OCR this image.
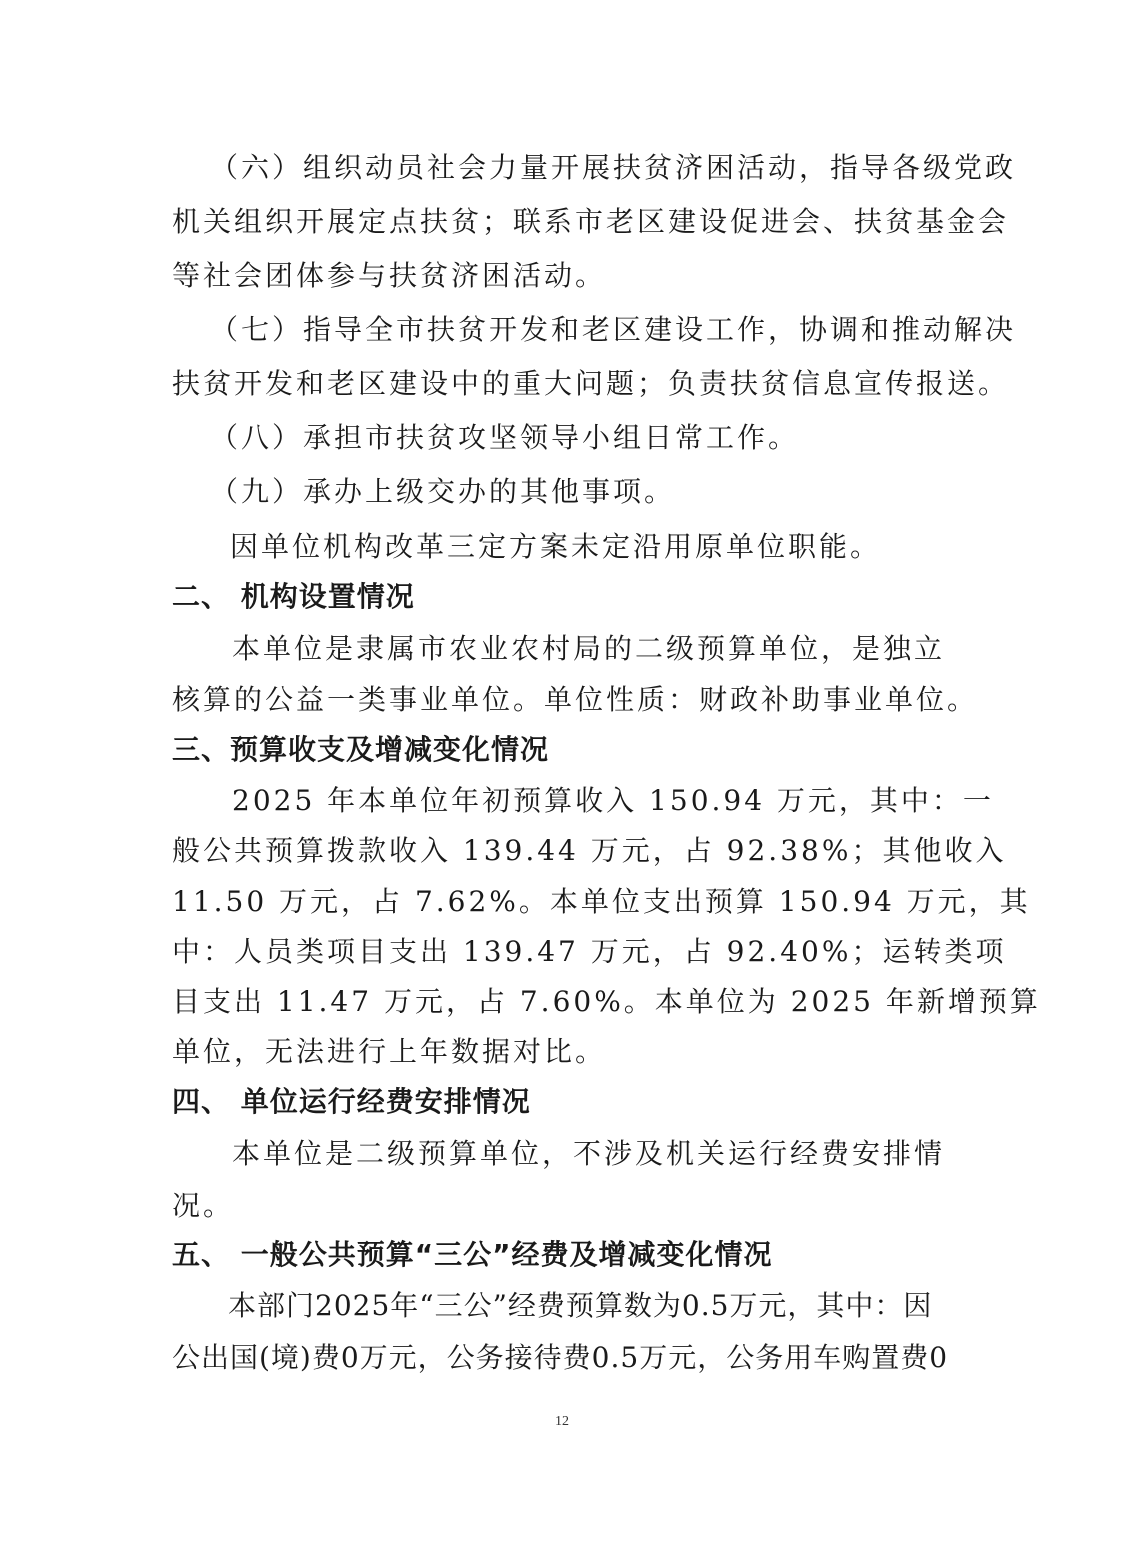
（六）组织动员社会力量开展扶贫济困活动，指导各级党政
机关组织开展定点扶贫；联系市老区建设促进会、扶贫基金会
等社会团体参与扶贫济困活动。
（七）指导全市扶贫开发和老区建设工作，协调和推动解决
扶贫开发和老区建设中的重大问题；负责扶贫信息宣传报送。
（八）承担市扶贫攻坚领导小组日常工作。
（九）承办上级交办的其他事项。
因单位机构改革三定方案未定沿用原单位职能。
二、 机构设置情况
本单位是隶属市农业农村局的二级预算单位，是独立
核算的公益一类事业单位。单位性质：财政补助事业单位。
三、预算收支及增减变化情况
2025 年本单位年初预算收入 150.94 万元，其中：一
般公共预算拨款收入 139.44 万元，占 92.38%；其他收入
11.50 万元，占 7.62%。本单位支出预算 150.94 万元，其
中：人员类项目支出 139.47 万元，占 92.40%；运转类项
目支出 11.47 万元，占 7.60%。本单位为 2025 年新增预算
单位，无法进行上年数据对比。
四、 单位运行经费安排情况
本单位是二级预算单位，不涉及机关运行经费安排情
况。
五、 一般公共预算“三公”经费及增减变化情况
本部门2025年“三公”经费预算数为0.5万元，其中：因
公出国(境)费0万元，公务接待费0.5万元，公务用车购置费0
12
